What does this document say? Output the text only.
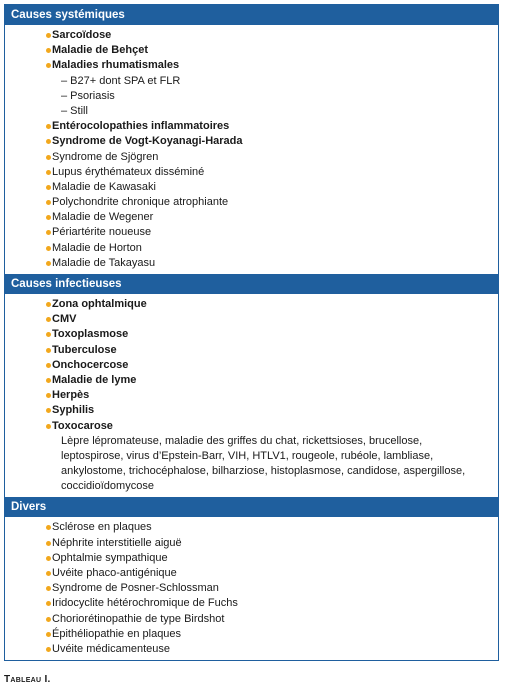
Causes systémiques
Sarcoïdose
Maladie de Behçet
Maladies rhumatismales
– B27+ dont SPA et FLR
– Psoriasis
– Still
Entérocolopathies inflammatoires
Syndrome de Vogt-Koyanagi-Harada
Syndrome de Sjögren
Lupus érythémateux disséminé
Maladie de Kawasaki
Polychondrite chronique atrophiante
Maladie de Wegener
Périartérite noueuse
Maladie de Horton
Maladie de Takayasu
Causes infectieuses
Zona ophtalmique
CMV
Toxoplasmose
Tuberculose
Onchocercose
Maladie de lyme
Herpès
Syphilis
Toxocarose
Lèpre lépromateuse, maladie des griffes du chat, rickettsioses, brucellose,
leptospirose, virus d’Epstein-Barr, VIH, HTLV1, rougeole, rubéole, lambliase,
ankylostome, trichocéphalose, bilharziose, histoplasmose, candidose, aspergillose,
coccidioïdomycose
Divers
Sclérose en plaques
Néphrite interstitielle aiguë
Ophtalmie sympathique
Uvéite phaco-antigénique
Syndrome de Posner-Schlossman
Iridocyclite hétérochromique de Fuchs
Choriorétinopathie de type Birdshot
Épithéliopathie en plaques
Uvéite médicamenteuse
Tableau I.
